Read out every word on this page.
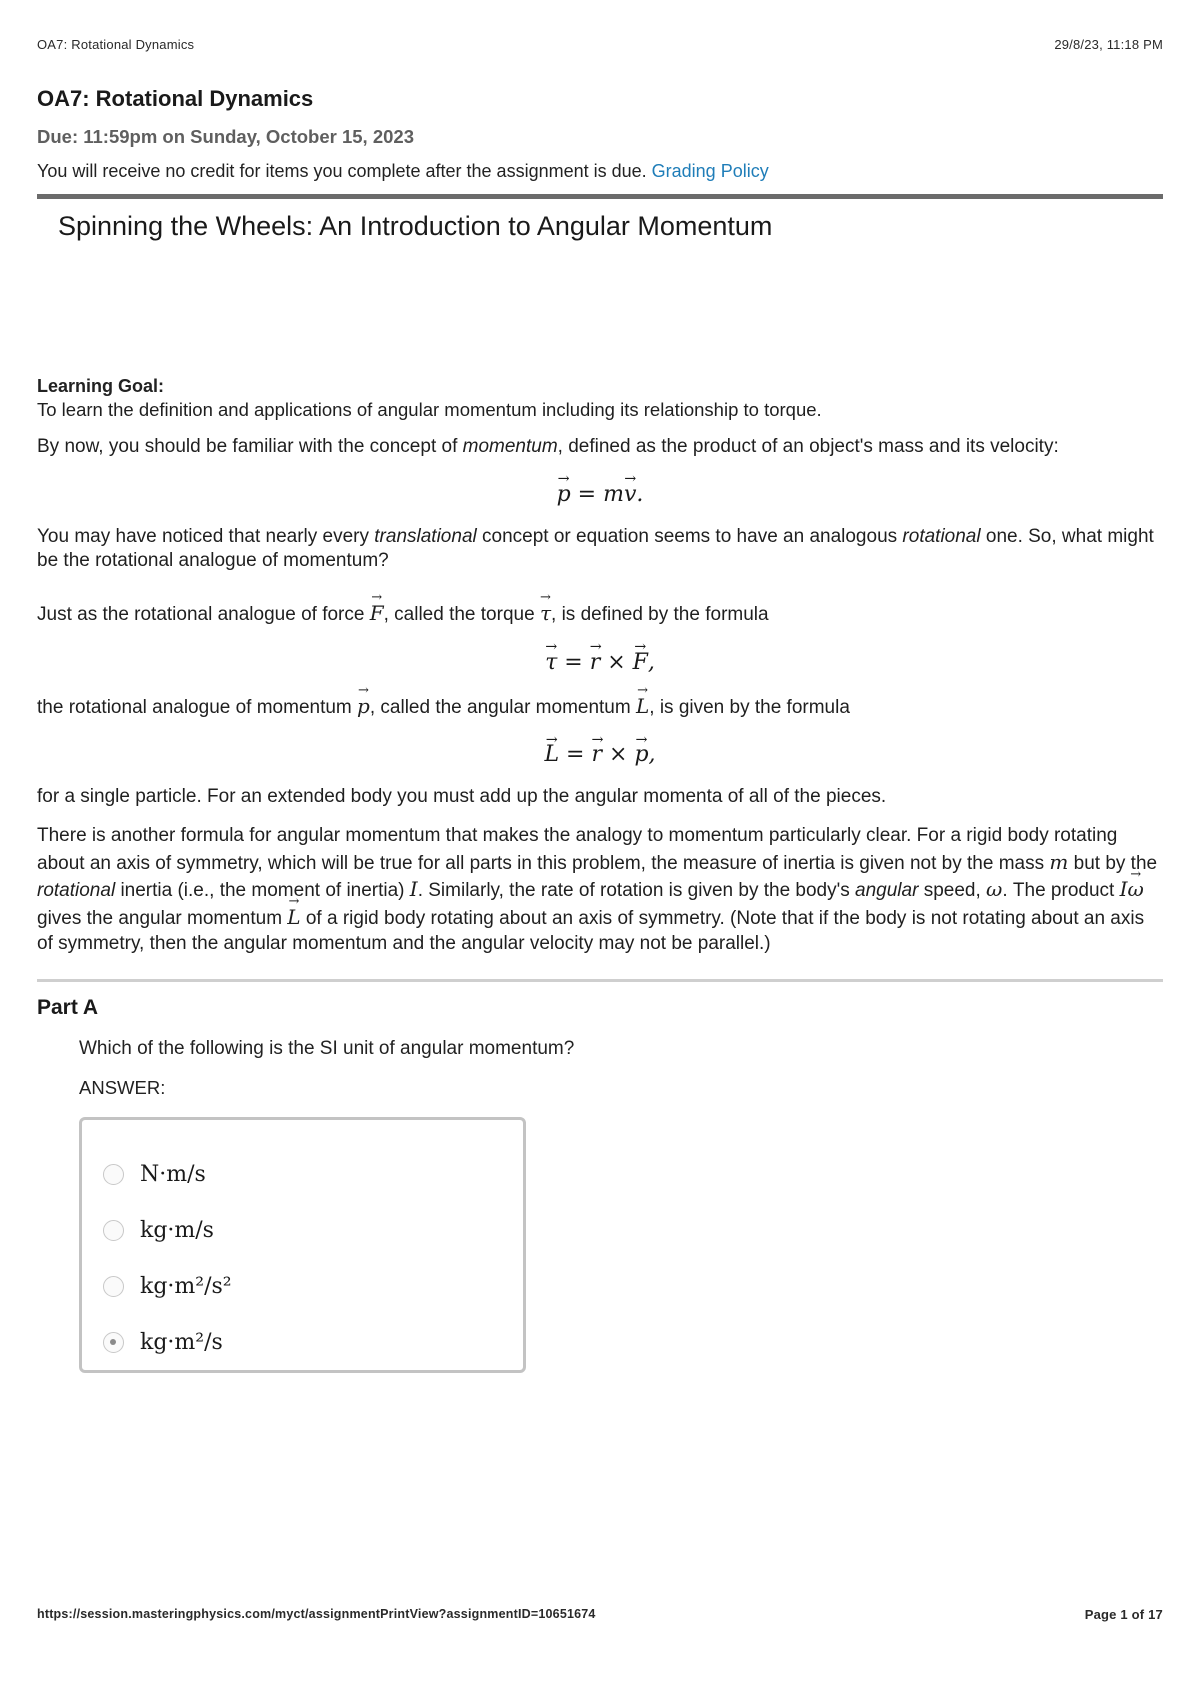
OA7: Rotational Dynamics	29/8/23, 11:18 PM
OA7: Rotational Dynamics
Due: 11:59pm on Sunday, October 15, 2023
You will receive no credit for items you complete after the assignment is due. Grading Policy
Spinning the Wheels: An Introduction to Angular Momentum
Learning Goal:
To learn the definition and applications of angular momentum including its relationship to torque.

By now, you should be familiar with the concept of momentum, defined as the product of an object's mass and its velocity:

→ p = m→ v.

You may have noticed that nearly every translational concept or equation seems to have an analogous rotational one. So, what might be the rotational analogue of momentum?

Just as the rotational analogue of force → F, called the torque → τ, is defined by the formula

→ τ = → r × → F,

the rotational analogue of momentum → p, called the angular momentum → L, is given by the formula

→ L = → r × → p,

for a single particle. For an extended body you must add up the angular momenta of all of the pieces.

There is another formula for angular momentum that makes the analogy to momentum particularly clear. For a rigid body rotating about an axis of symmetry, which will be true for all parts in this problem, the measure of inertia is given not by the mass m but by the rotational inertia (i.e., the moment of inertia) I. Similarly, the rate of rotation is given by the body's angular speed, ω. The product I→ ω gives the angular momentum → L of a rigid body rotating about an axis of symmetry. (Note that if the body is not rotating about an axis of symmetry, then the angular momentum and the angular velocity may not be parallel.)

Part A
Which of the following is the SI unit of angular momentum?
ANSWER:
N·m/s
kg·m/s
kg·m²/s²
kg·m²/s
https://session.masteringphysics.com/myct/assignmentPrintView?assignmentID=10651674	Page 1 of 17
